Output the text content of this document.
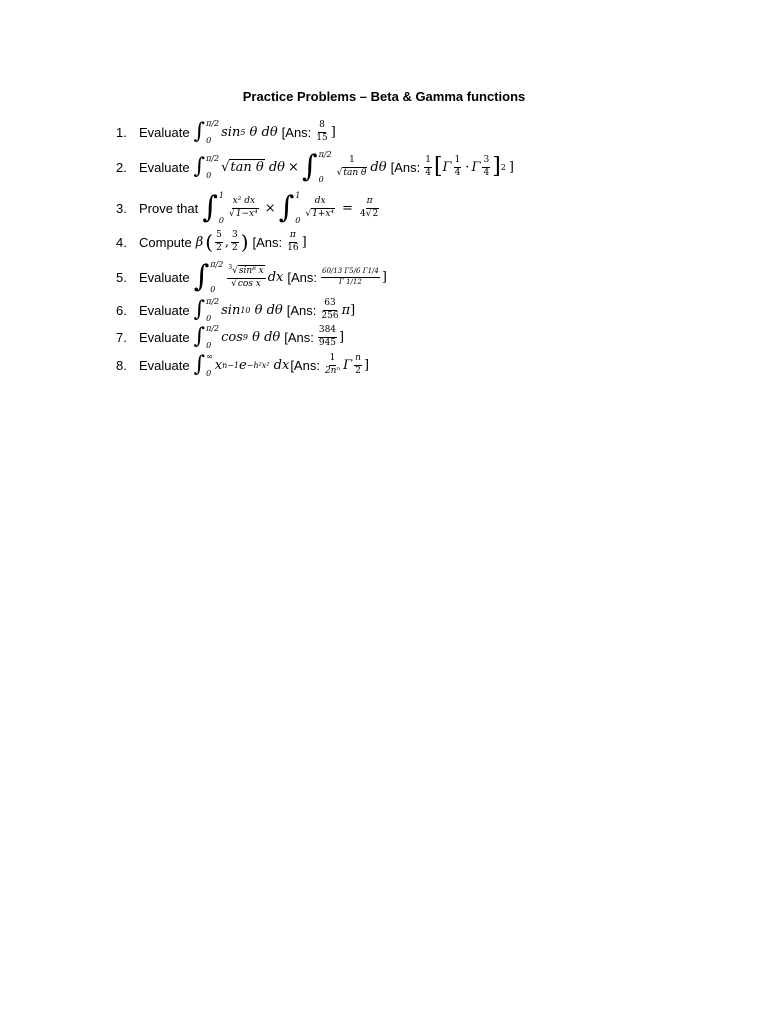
Practice Problems – Beta & Gamma functions
1. Evaluate ∫ π/2
0
sin 5
θ dθ [Ans: $\frac{8}{15}$ ]
2. Evaluate ∫ π/2
0
√ tan θ
dθ × ∫ π/2
0
$\frac{1}{\text{√tan θ}}$ dθ [Ans: $\frac{1}{4}$ [ Γ $\frac{1}{4} \cdot \Gamma \frac{3}{4}$ ] 2 ]
3. Prove that ∫ 1
0
$\frac{\text{x² dx}}{\text{√1−x⁴}}$ × ∫ 1
0
$\frac{dx}{\text{√1+x⁴}} = \frac{\pi}{4√2}$
4. Compute β ( $\frac{5}{2}$ , $\frac{3}{2}$ ) [Ans: $\frac{\pi}{16}$ ]
5. Evaluate ∫ π/2
0
$\frac{^3√\sin^8 x}{\text{√cos x}}$ dx [Ans: $\frac{60/13 \Gamma 5/6 \Gamma 1/4}{\Gamma 1/12}$ ]
6. Evaluate ∫ π/2
0
sin 10
θ dθ [Ans: $\frac{63}{256}$ π ]
7. Evaluate ∫ π/2
0
cos 9
θ dθ [Ans: $\frac{384}{945}$ ]
8. Evaluate ∫ ∞
0
x n−1 e −h²x²
dx [Ans: $\frac{1}{\text{2nⁿ}}$ Γ $\frac{n}{2}$ ]
